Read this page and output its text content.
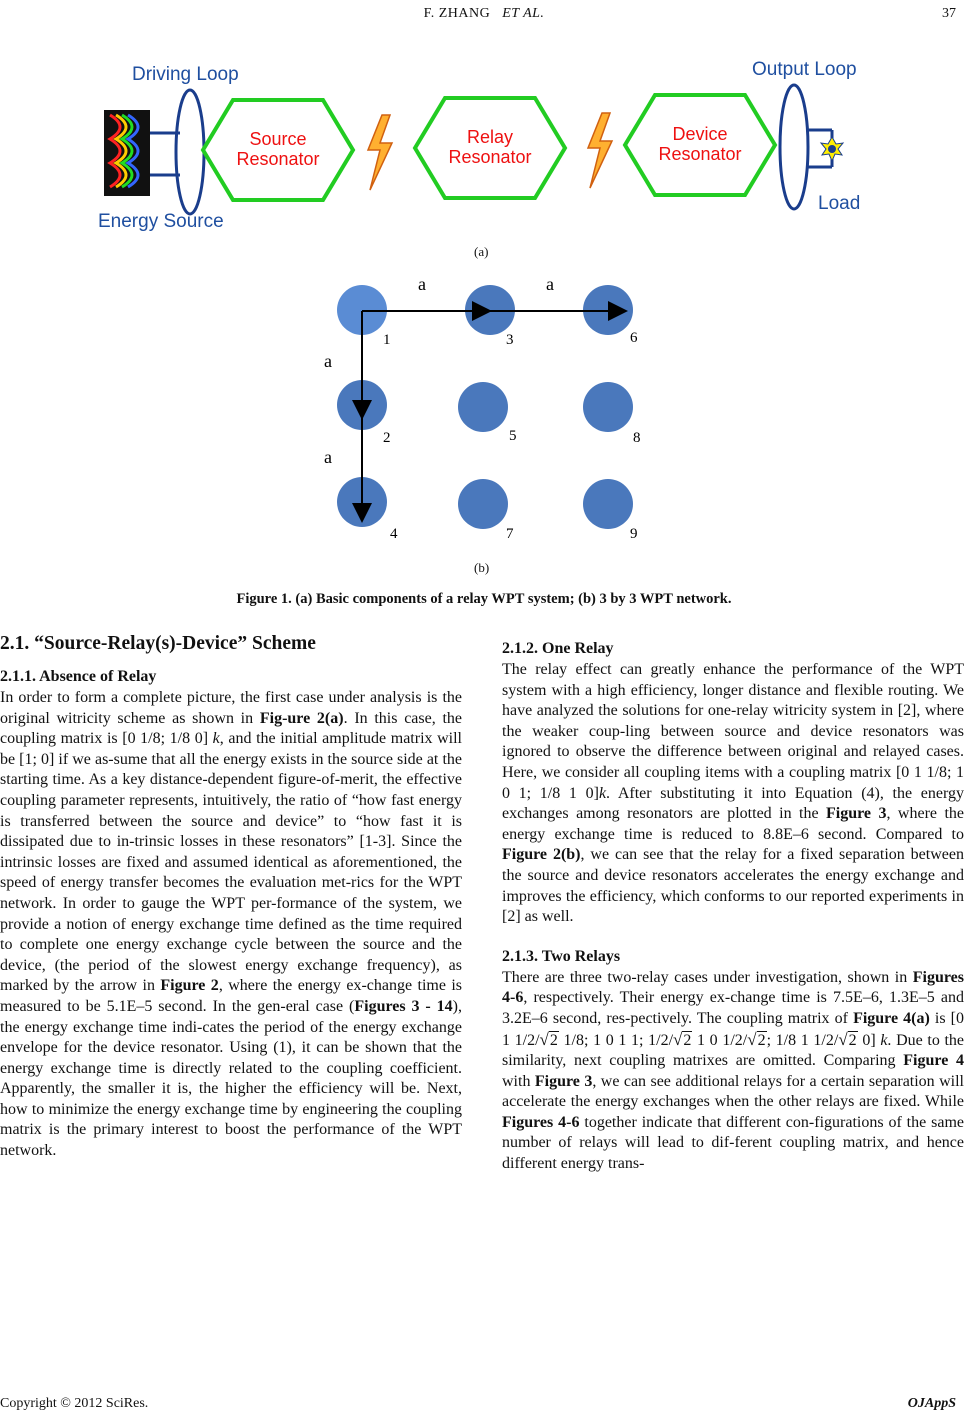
F. ZHANG ET AL.	37
Driving Loop
Energy Source
Source
Resonator
Relay
Resonator
Device
Resonator
Output Loop
Load
(a)
a	a
a
a
1
2
3
4
5
6
7
8
9
(b)
Figure 1. (a) Basic components of a relay WPT system; (b) 3 by 3 WPT network.
2.1. “Source-Relay(s)-Device” Scheme
2.1.1. Absence of Relay

In order to form a complete picture, the first case under analysis is the original witricity scheme as shown in Fig-ure 2(a). In this case, the coupling matrix is [0 1/8; 1/8 0] k, and the initial amplitude matrix will be [1; 0] if we as-sume that all the energy exists in the source side at the starting time. As a key distance-dependent figure-of-merit, the effective coupling parameter represents, intuitively, the ratio of “how fast energy is transferred between the source and device” to “how fast it is dissipated due to in-trinsic losses in these resonators” [1-3]. Since the intrinsic losses are fixed and assumed identical as aforementioned, the speed of energy transfer becomes the evaluation met-rics for the WPT network. In order to gauge the WPT per-formance of the system, we provide a notion of energy exchange time defined as the time required to complete one energy exchange cycle between the source and the device, (the period of the slowest energy exchange frequency), as marked by the arrow in Figure 2, where the energy ex-change time is measured to be 5.1E–5 second. In the gen-eral case (Figures 3 - 14), the energy exchange time indi-cates the period of the energy exchange envelope for the device resonator. Using (1), it can be shown that the energy exchange time is directly related to the coupling coefficient. Apparently, the smaller it is, the higher the efficiency will be. Next, how to minimize the energy exchange time by engineering the coupling matrix is the primary interest to boost the performance of the WPT network.

2.1.2. One Relay

The relay effect can greatly enhance the performance of the WPT system with a high efficiency, longer distance and flexible routing. We have analyzed the solutions for one-relay witricity system in [2], where the weaker coup-ling between source and device resonators was ignored to observe the difference between original and relayed cases. Here, we consider all coupling items with a coupling matrix [0 1 1/8; 1 0 1; 1/8 1 0]k. After substituting it into Equation (4), the energy exchanges among resonators are plotted in the Figure 3, where the energy exchange time is reduced to 8.8E–6 second. Compared to Figure 2(b), we can see that the relay for a fixed separation between the source and device resonators accelerates the energy exchange and improves the efficiency, which conforms to our reported experiments in [2] as well.

2.1.3. Two Relays

There are three two-relay cases under investigation, shown in Figures 4-6, respectively. Their energy ex-change time is 7.5E–6, 1.3E–5 and 3.2E–6 second, res-pectively. The coupling matrix of Figure 4(a) is [0 1 1/2/√2 1/8; 1 0 1 1; 1/2/√2 1 0 1/2/√2; 1/8 1 1/2/√2 0] k. Due to the similarity, next coupling matrixes are omitted. Comparing Figure 4 with Figure 3, we can see additional relays for a certain separation will accelerate the energy exchanges when the other relays are fixed. While Figures 4-6 together indicate that different con-figurations of the same number of relays will lead to dif-ferent coupling matrix, and hence different energy trans-

Copyright © 2012 SciRes.	OJAppS
